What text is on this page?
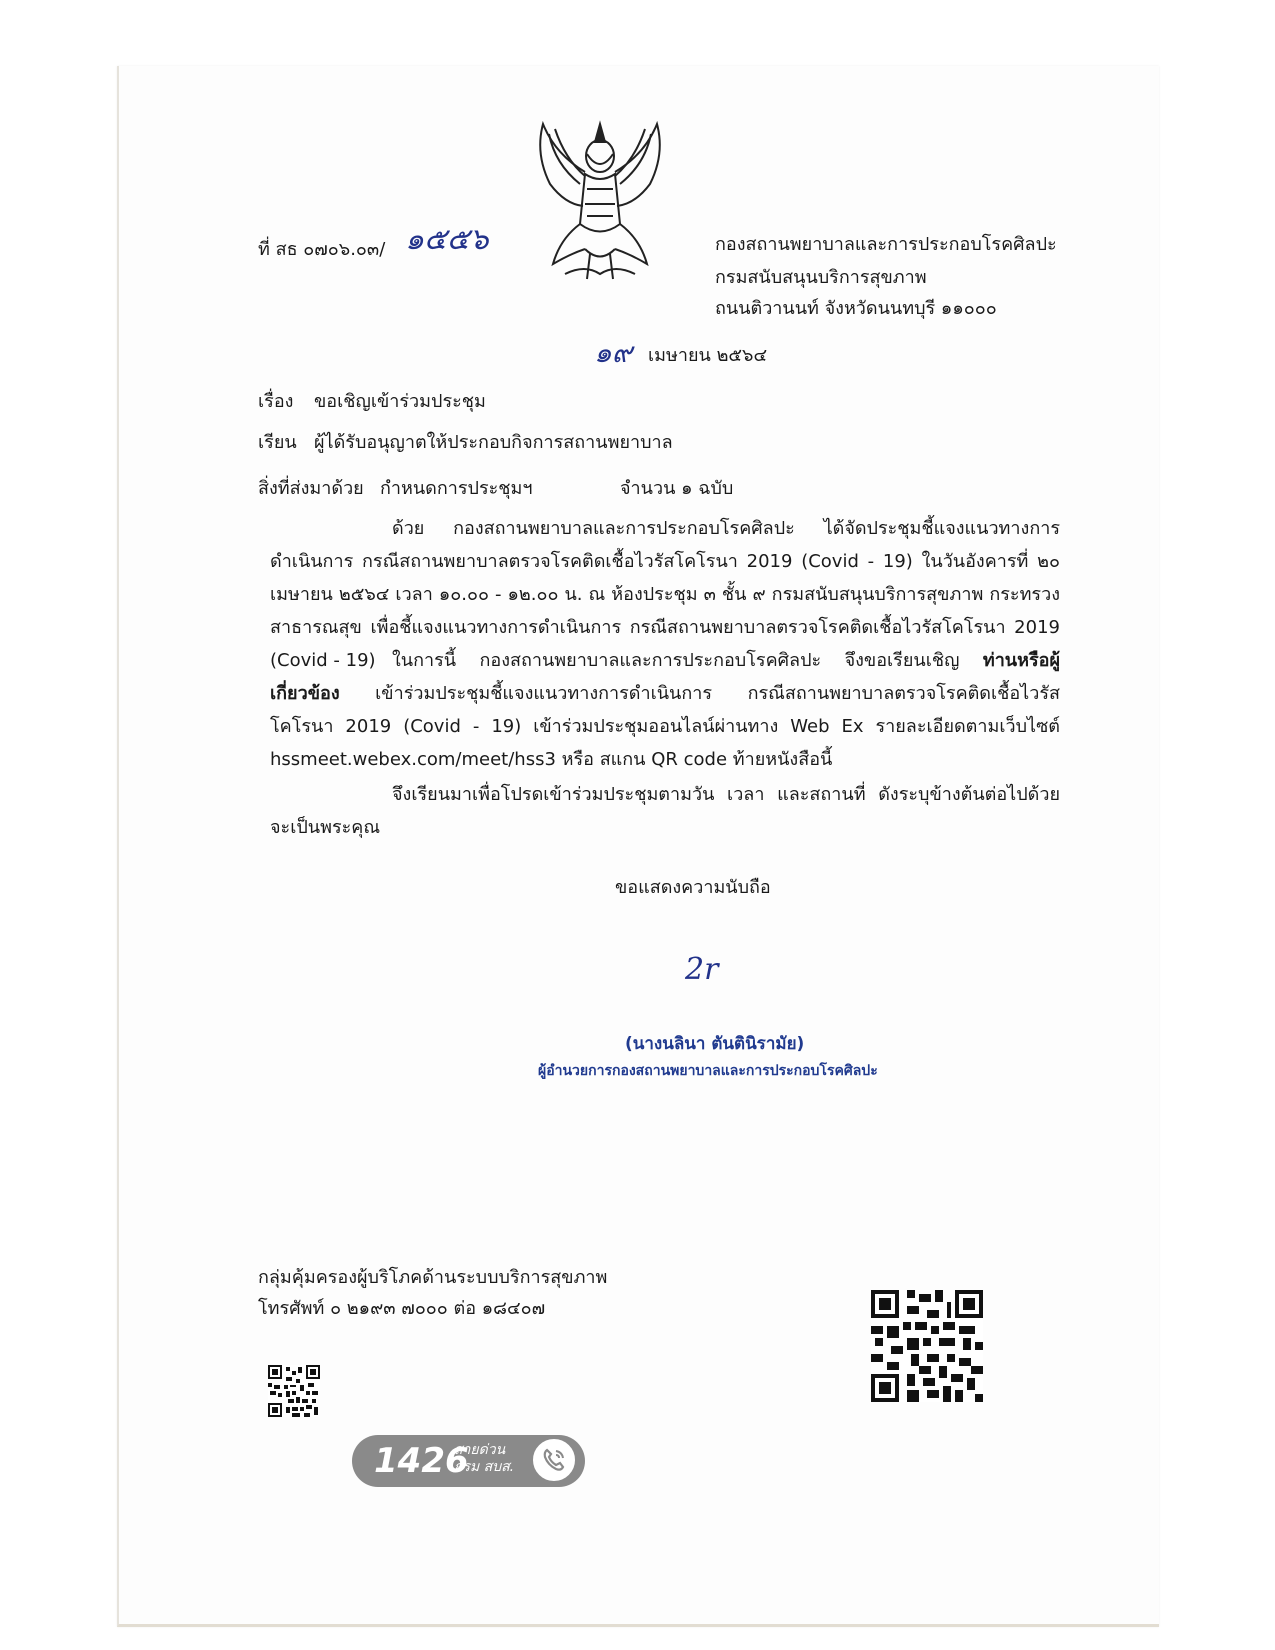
ที่ สธ ๐๗๐๖.๐๓/ ๑๕๕๖	กองสถานพยาบาลและการประกอบโรคศิลปะ
กรมสนับสนุนบริการสุขภาพ
ถนนติวานนท์ จังหวัดนนทบุรี ๑๑๐๐๐
๑๙ เมษายน ๒๕๖๔
เรื่อง ขอเชิญเข้าร่วมประชุม
เรียน ผู้ได้รับอนุญาตให้ประกอบกิจการสถานพยาบาล
สิ่งที่ส่งมาด้วย กำหนดการประชุมฯ	จำนวน ๑ ฉบับ

ด้วย กองสถานพยาบาลและการประกอบโรคศิลปะ ได้จัดประชุมชี้แจงแนวทางการดำเนินการ กรณีสถานพยาบาลตรวจโรคติดเชื้อไวรัสโคโรนา 2019 (Covid - 19) ในวันอังคารที่ ๒๐ เมษายน ๒๕๖๔ เวลา ๑๐.๐๐ - ๑๒.๐๐ น. ณ ห้องประชุม ๓ ชั้น ๙ กรมสนับสนุนบริการสุขภาพ กระทรวงสาธารณสุข เพื่อชี้แจงแนวทางการดำเนินการ กรณีสถานพยาบาลตรวจโรคติดเชื้อไวรัสโคโรนา 2019 (Covid - 19) ในการนี้ กองสถานพยาบาลและการประกอบโรคศิลปะ จึงขอเรียนเชิญ ท่านหรือผู้เกี่ยวข้อง เข้าร่วมประชุมชี้แจงแนวทางการดำเนินการ กรณีสถานพยาบาลตรวจโรคติดเชื้อไวรัสโคโรนา 2019 (Covid - 19) เข้าร่วมประชุมออนไลน์ผ่านทาง Web Ex รายละเอียดตามเว็บไซต์ hssmeet.webex.com/meet/hss3 หรือ สแกน QR code ท้ายหนังสือนี้

จึงเรียนมาเพื่อโปรดเข้าร่วมประชุมตามวัน เวลา และสถานที่ ดังระบุข้างต้นต่อไปด้วย จะเป็นพระคุณ

ขอแสดงความนับถือ
2r
(นางนลินา ตันตินิรามัย)
ผู้อำนวยการกองสถานพยาบาลและการประกอบโรคศิลปะ
กลุ่มคุ้มครองผู้บริโภคด้านระบบบริการสุขภาพ
โทรศัพท์ ๐ ๒๑๙๓ ๗๐๐๐ ต่อ ๑๘๔๐๗
1426
สายด่วน
กรม สบส.
